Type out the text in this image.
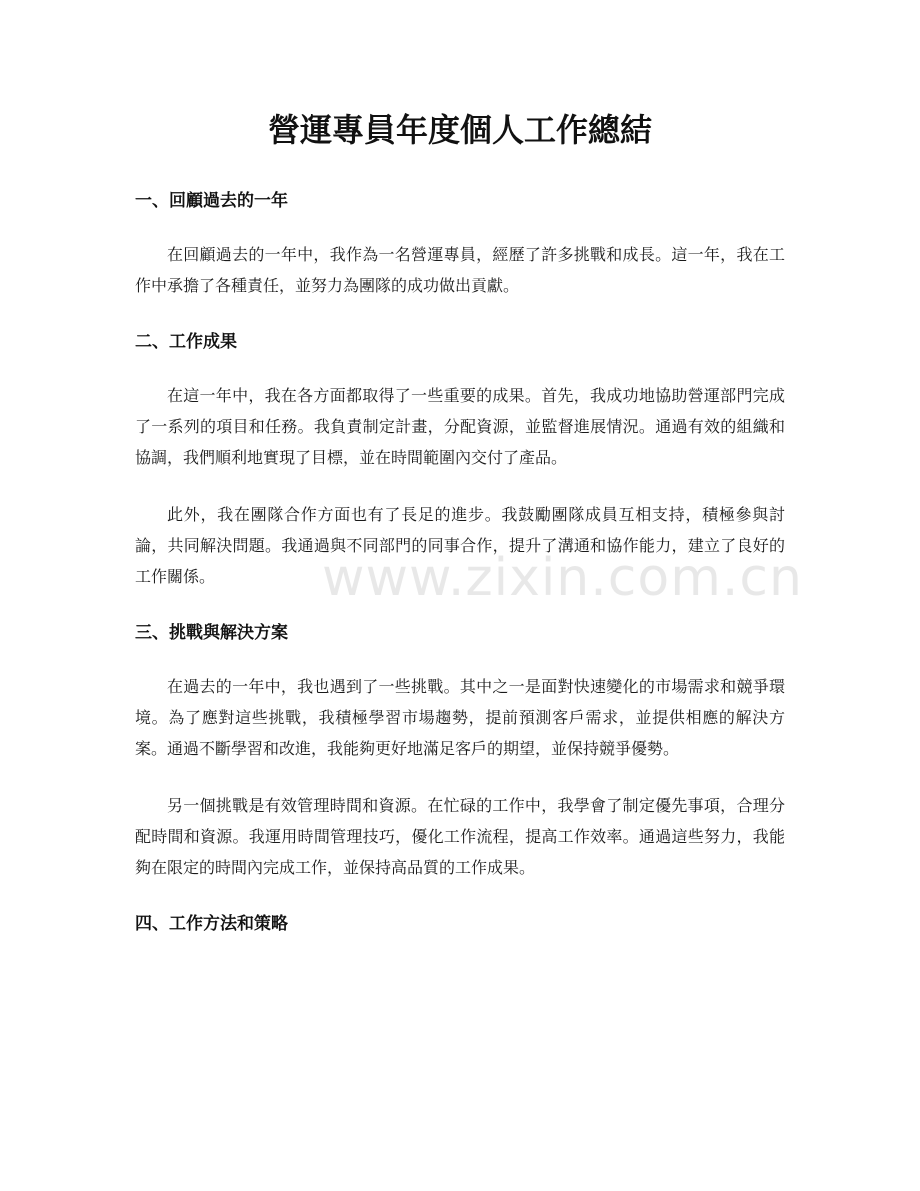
營運專員年度個人工作總結
一、回顧過去的一年

在回顧過去的一年中，我作為一名營運專員，經歷了許多挑戰和成長。這一年，我在工作中承擔了各種責任，並努力為團隊的成功做出貢獻。

二、工作成果

在這一年中，我在各方面都取得了一些重要的成果。首先，我成功地協助營運部門完成了一系列的項目和任務。我負責制定計畫，分配資源，並監督進展情況。通過有效的組織和協調，我們順利地實現了目標，並在時間範圍內交付了產品。

此外，我在團隊合作方面也有了長足的進步。我鼓勵團隊成員互相支持，積極參與討論，共同解決問題。我通過與不同部門的同事合作，提升了溝通和協作能力，建立了良好的工作關係。

三、挑戰與解決方案

在過去的一年中，我也遇到了一些挑戰。其中之一是面對快速變化的市場需求和競爭環境。為了應對這些挑戰，我積極學習市場趨勢，提前預測客戶需求，並提供相應的解決方案。通過不斷學習和改進，我能夠更好地滿足客戶的期望，並保持競爭優勢。

另一個挑戰是有效管理時間和資源。在忙碌的工作中，我學會了制定優先事項，合理分配時間和資源。我運用時間管理技巧，優化工作流程，提高工作效率。通過這些努力，我能夠在限定的時間內完成工作，並保持高品質的工作成果。

四、工作方法和策略
www.zixin.com.cn
